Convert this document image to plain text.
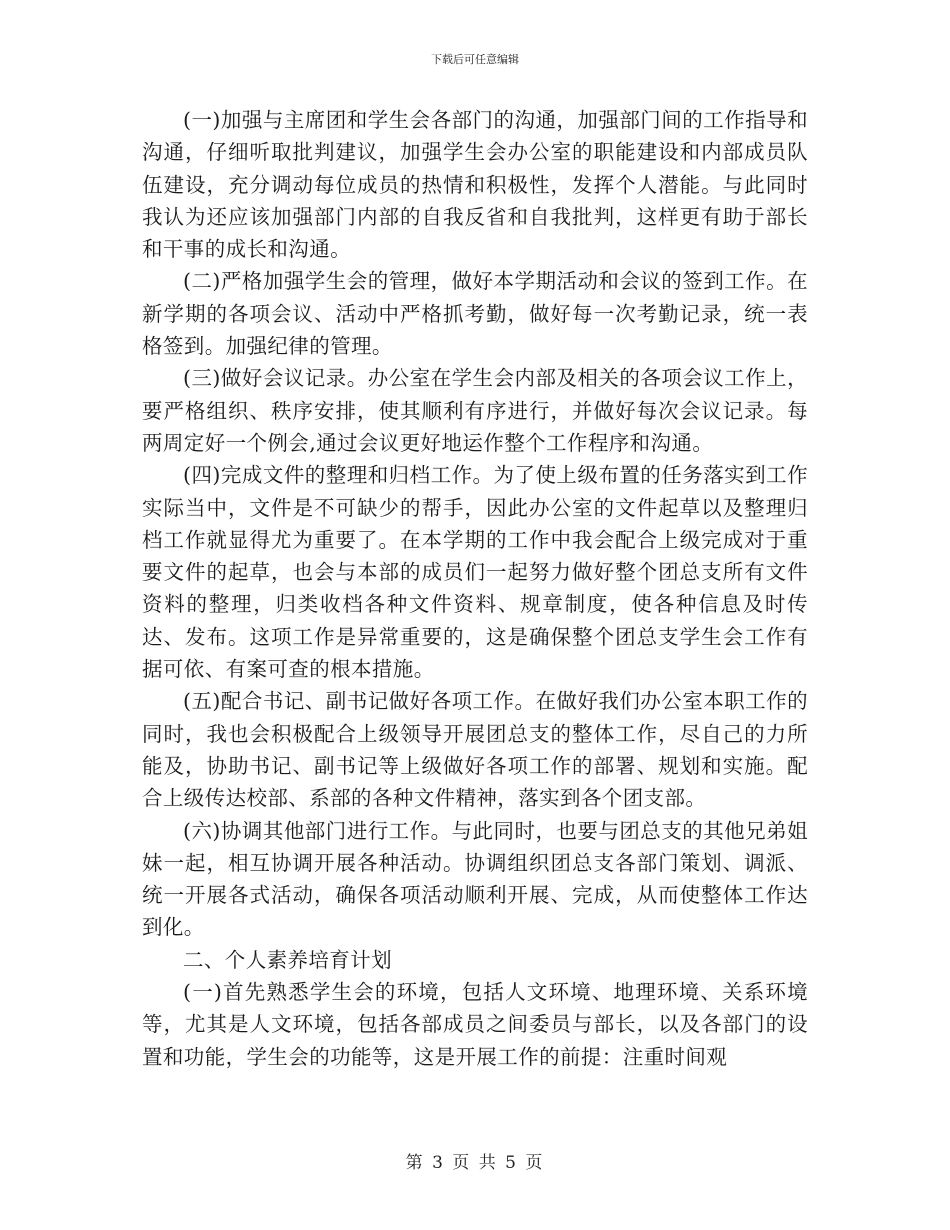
下载后可任意编辑

(一)加强与主席团和学生会各部门的沟通，加强部门间的工作指导和沟通，仔细听取批判建议，加强学生会办公室的职能建设和内部成员队伍建设，充分调动每位成员的热情和积极性，发挥个人潜能。与此同时我认为还应该加强部门内部的自我反省和自我批判，这样更有助于部长和干事的成长和沟通。

(二)严格加强学生会的管理，做好本学期活动和会议的签到工作。在新学期的各项会议、活动中严格抓考勤，做好每一次考勤记录，统一表格签到。加强纪律的管理。

(三)做好会议记录。办公室在学生会内部及相关的各项会议工作上，要严格组织、秩序安排，使其顺利有序进行，并做好每次会议记录。每两周定好一个例会,通过会议更好地运作整个工作程序和沟通。

(四)完成文件的整理和归档工作。为了使上级布置的任务落实到工作实际当中，文件是不可缺少的帮手，因此办公室的文件起草以及整理归档工作就显得尤为重要了。在本学期的工作中我会配合上级完成对于重要文件的起草，也会与本部的成员们一起努力做好整个团总支所有文件资料的整理，归类收档各种文件资料、规章制度，使各种信息及时传达、发布。这项工作是异常重要的，这是确保整个团总支学生会工作有据可依、有案可查的根本措施。

(五)配合书记、副书记做好各项工作。在做好我们办公室本职工作的同时，我也会积极配合上级领导开展团总支的整体工作，尽自己的力所能及，协助书记、副书记等上级做好各项工作的部署、规划和实施。配合上级传达校部、系部的各种文件精神，落实到各个团支部。

(六)协调其他部门进行工作。与此同时，也要与团总支的其他兄弟姐妹一起，相互协调开展各种活动。协调组织团总支各部门策划、调派、统一开展各式活动，确保各项活动顺利开展、完成，从而使整体工作达到化。

二、个人素养培育计划

(一)首先熟悉学生会的环境，包括人文环境、地理环境、关系环境等，尤其是人文环境，包括各部成员之间委员与部长，以及各部门的设置和功能，学生会的功能等，这是开展工作的前提：注重时间观

第 3 页 共 5 页
